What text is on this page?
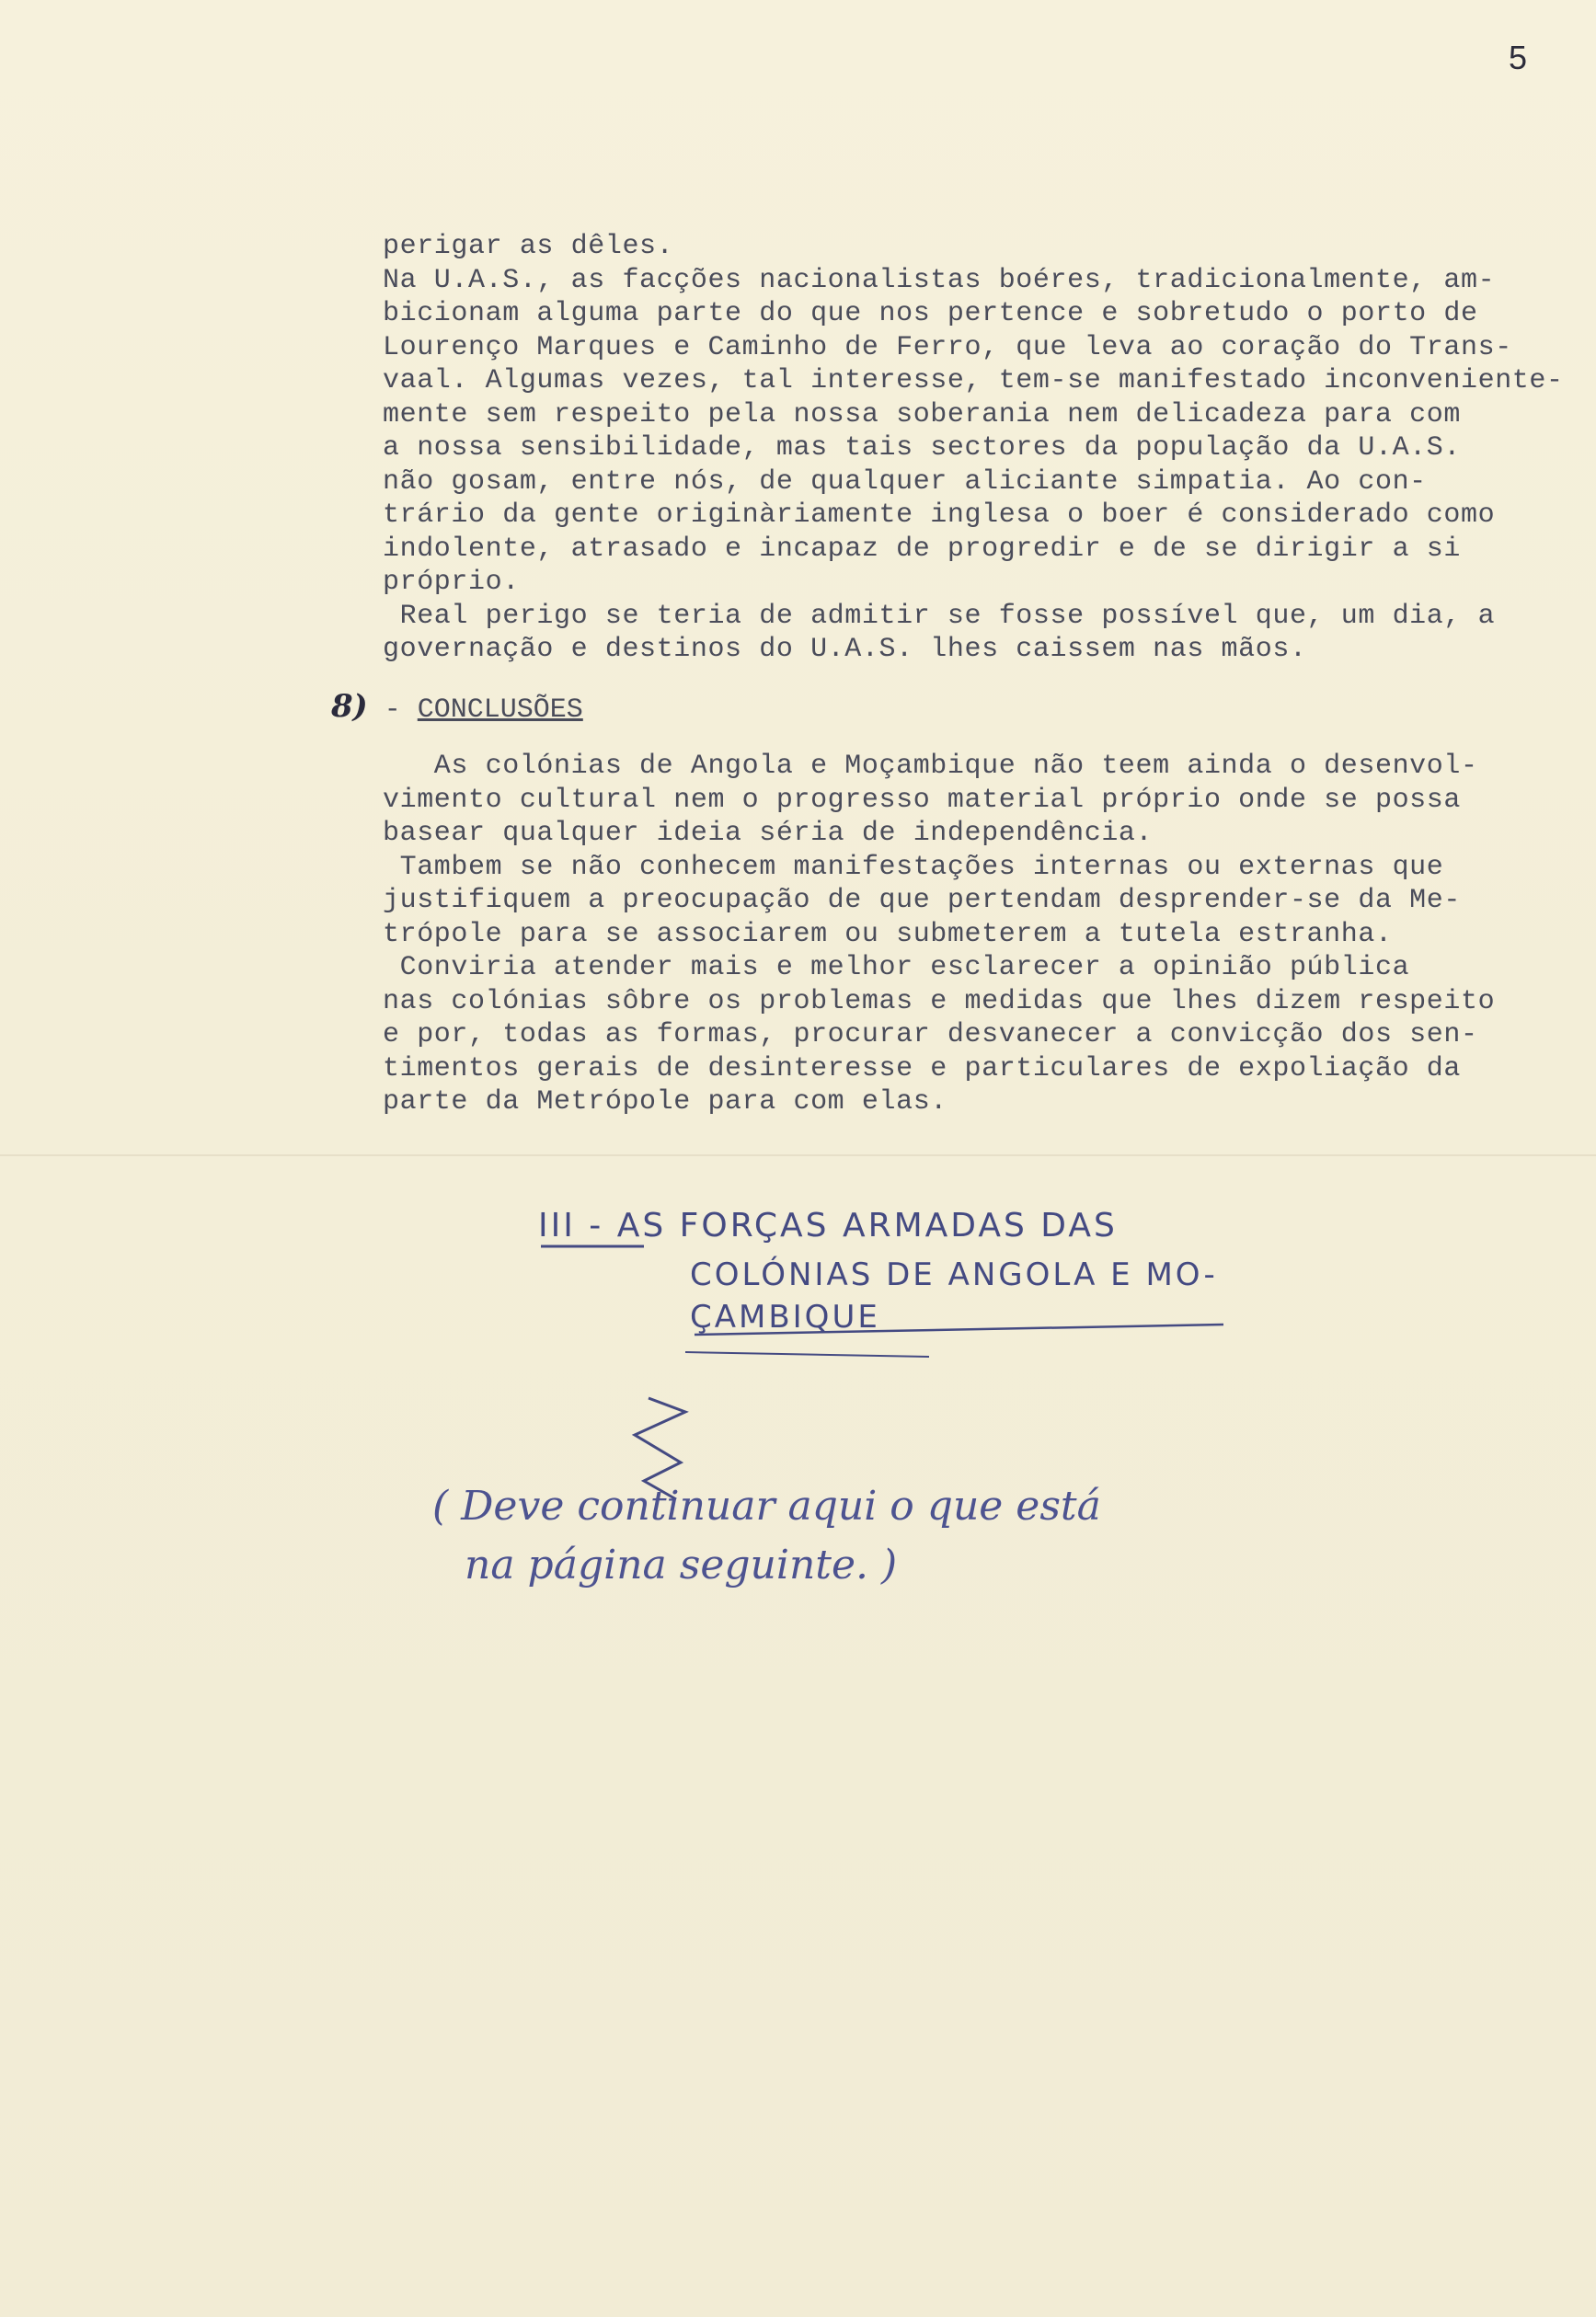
5
perigar as dêles.
Na U.A.S., as facções nacionalistas boéres, tradicionalmente, am-
bicionam alguma parte do que nos pertence e sobretudo o porto de
Lourenço Marques e Caminho de Ferro, que leva ao coração do Trans-
vaal. Algumas vezes, tal interesse, tem-se manifestado inconveniente-
mente sem respeito pela nossa soberania nem delicadeza para com
a nossa sensibilidade, mas tais sectores da população da U.A.S.
não gosam, entre nós, de qualquer aliciante simpatia. Ao con-
trário da gente originàriamente inglesa o boer é considerado como
indolente, atrasado e incapaz de progredir e de se dirigir a si
próprio.
Real perigo se teria de admitir se fosse possível que, um dia, a
governação e destinos do U.A.S. lhes caissem nas mãos.
8) - CONCLUSÕES
As colónias de Angola e Moçambique não teem ainda o desenvol-
vimento cultural nem o progresso material próprio onde se possa
basear qualquer ideia séria de independência.
Tambem se não conhecem manifestações internas ou externas que
justifiquem a preocupação de que pertendam desprender-se da Me-
trópole para se associarem ou submeterem a tutela estranha.
Conviria atender mais e melhor esclarecer a opinião pública
nas colónias sôbre os problemas e medidas que lhes dizem respeito
e por, todas as formas, procurar desvanecer a convicção dos sen-
timentos gerais de desinteresse e particulares de expoliação da
parte da Metrópole para com elas.
III - AS FORÇAS ARMADAS DAS
COLÓNIAS DE ANGOLA E MO-
ÇAMBIQUE
( Deve continuar aqui o que está
na página seguinte. )
